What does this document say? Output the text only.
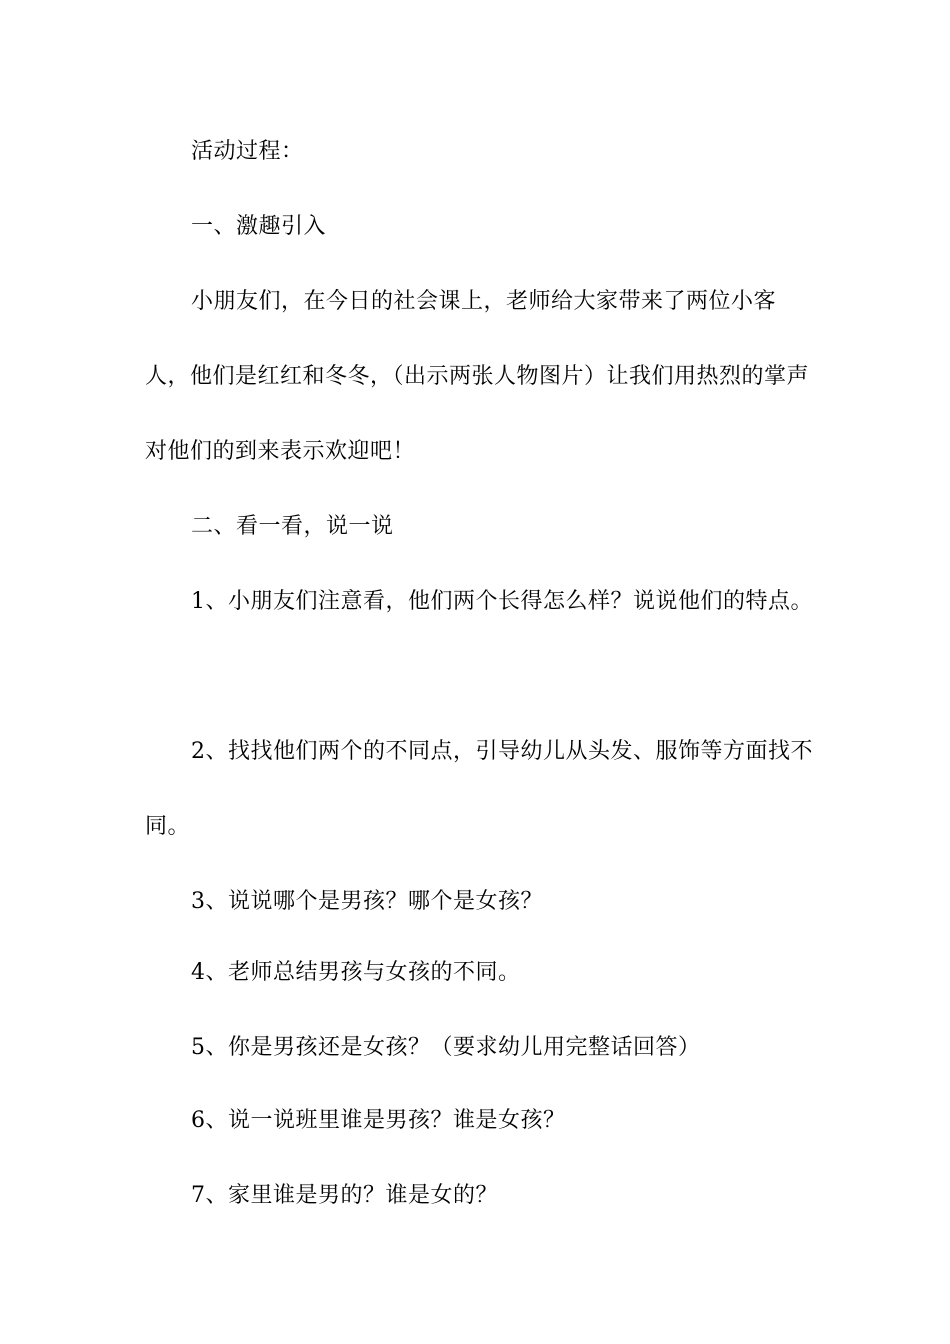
活动过程：

一、激趣引入

小朋友们，在今日的社会课上，老师给大家带来了两位小客人，他们是红红和冬冬，（出示两张人物图片）让我们用热烈的掌声对他们的到来表示欢迎吧！

二、看一看，说一说

1、小朋友们注意看，他们两个长得怎么样？说说他们的特点。

2、找找他们两个的不同点，引导幼儿从头发、服饰等方面找不同。

3、说说哪个是男孩？哪个是女孩？

4、老师总结男孩与女孩的不同。

5、你是男孩还是女孩？（要求幼儿用完整话回答）

6、说一说班里谁是男孩？谁是女孩？

7、家里谁是男的？谁是女的？
